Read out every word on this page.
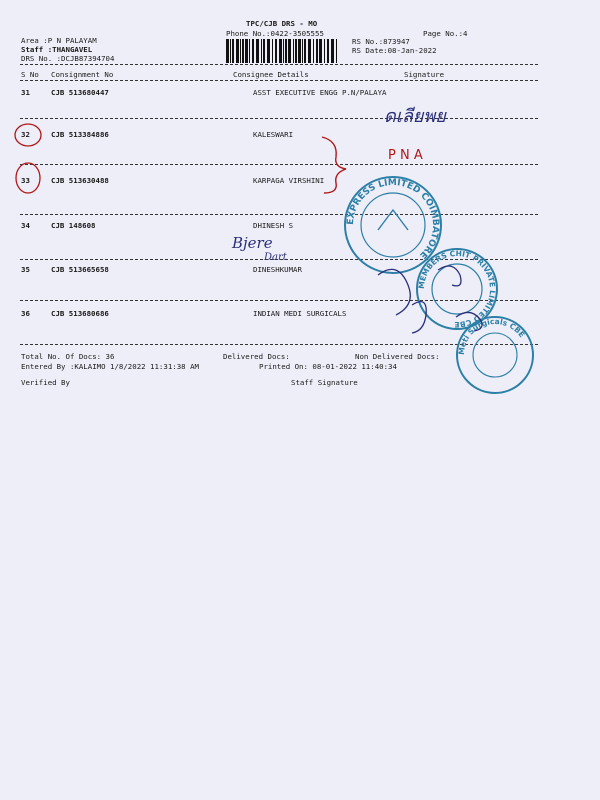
TPC/CJB DRS - MO
Phone No.:0422-3505555
Area :P N PALAYAM
Staff :THANGAVEL
DRS No. :DCJB87394704
Page No.:4
RS No.:873947
RS Date:08-Jan-2022
S No Consignment No	Consignee Details	Signature
31	CJB 513680447	ASST EXECUTIVE ENGG P.N/PALAYA
32	CJB 513384886	KALESWARI
33	CJB 513630488	KARPAGA VIRSHINI
34	CJB 148608	DHINESH S
35	CJB 513665658	DINESHKUMAR
36	CJB 513680686	INDIAN MEDI SURGICALS
Total No. Of Docs: 36	Delivered Docs:	Non Delivered Docs:
Entered By :KALAIMO 1/8/2022 11:31:38 AM	Printed On: 08-01-2022 11:40:34
Verified By	Staff Signature
ดเลียพย
P N A
Bjere
Dart
EXPRESS LIMITED COIMBATORE
MEMBERS CHIT PRIVATE LIMITED CBE
Meti Surgicals CBE
